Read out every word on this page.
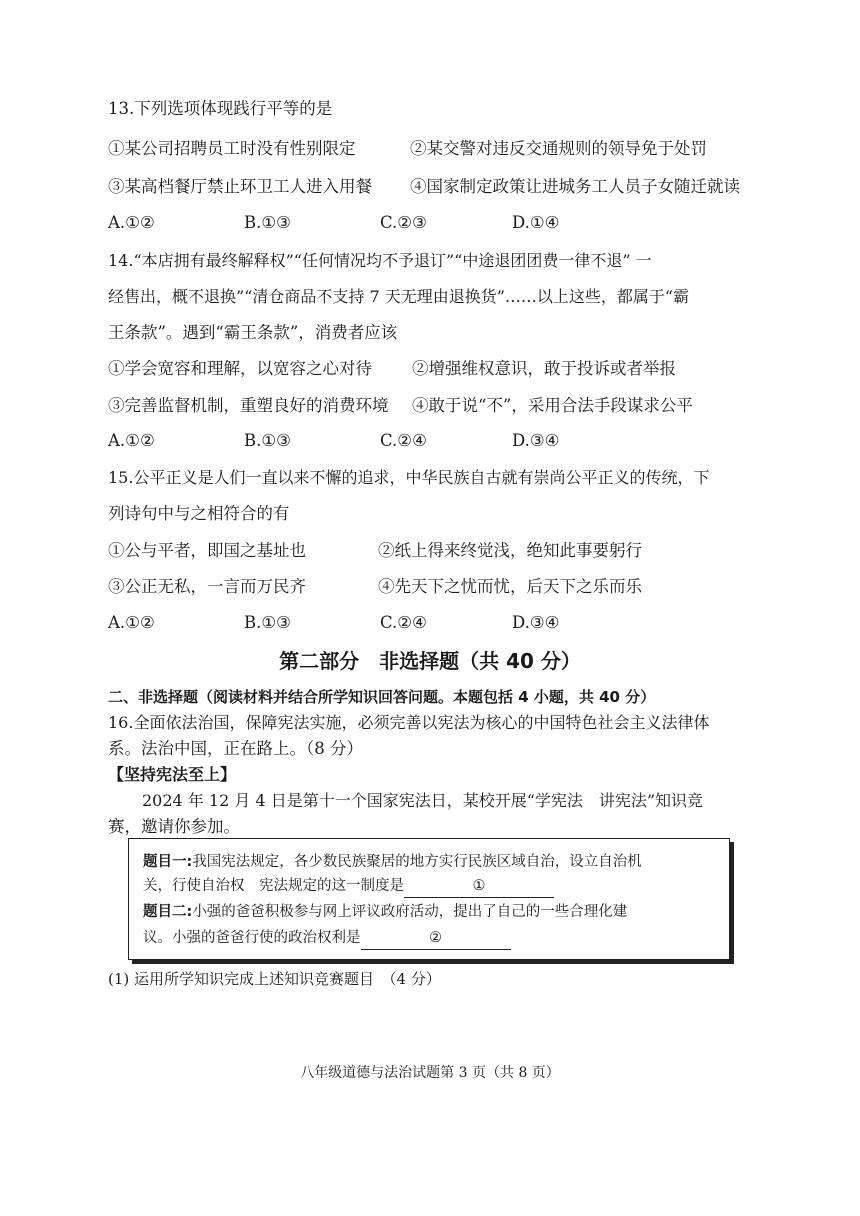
13.下列选项体现践行平等的是
①某公司招聘员工时没有性别限定	②某交警对违反交通规则的领导免于处罚
③某高档餐厅禁止环卫工人进入用餐 ④国家制定政策让进城务工人员子女随迁就读
A.①②	B.①③	C.②③	D.①④
14.“本店拥有最终解释权”“任何情况均不予退订”“中途退团团费一律不退” 一
经售出，概不退换”“清仓商品不支持 7 天无理由退换货”……以上这些，都属于“霸
王条款”。遇到“霸王条款”，消费者应该
①学会宽容和理解，以宽容之心对待 ②增强维权意识，敢于投诉或者举报
③完善监督机制，重塑良好的消费环境 ④敢于说“不”，采用合法手段谋求公平
A.①②	B.①③	C.②④	D.③④
15.公平正义是人们一直以来不懈的追求，中华民族自古就有崇尚公平正义的传统，下
列诗句中与之相符合的有
①公与平者，即国之基址也	②纸上得来终觉浅，绝知此事要躬行
③公正无私，一言而万民齐	④先天下之忧而忧，后天下之乐而乐
A.①②	B.①③	C.②④	D.③④
第二部分　非选择题（共 40 分）
二、非选择题（阅读材料并结合所学知识回答问题。本题包括 4 小题，共 40 分）
16.全面依法治国，保障宪法实施，必须完善以宪法为核心的中国特色社会主义法律体
系。法治中国，正在路上。（8 分）
【坚持宪法至上】
2024 年 12 月 4 日是第十一个国家宪法日，某校开展“学宪法　讲宪法”知识竞
赛，邀请你参加。
题目一:我国宪法规定，各少数民族聚居的地方实行民族区域自治，设立自治机
关，行使自治权　宪法规定的这一制度是	①
题目二:小强的爸爸积极参与网上评议政府活动，提出了自己的一些合理化建
议。小强的爸爸行使的政治权利是	②
(1) 运用所学知识完成上述知识竞赛题目　（4 分）
八年级道德与法治试题第 3 页（共 8 页）
